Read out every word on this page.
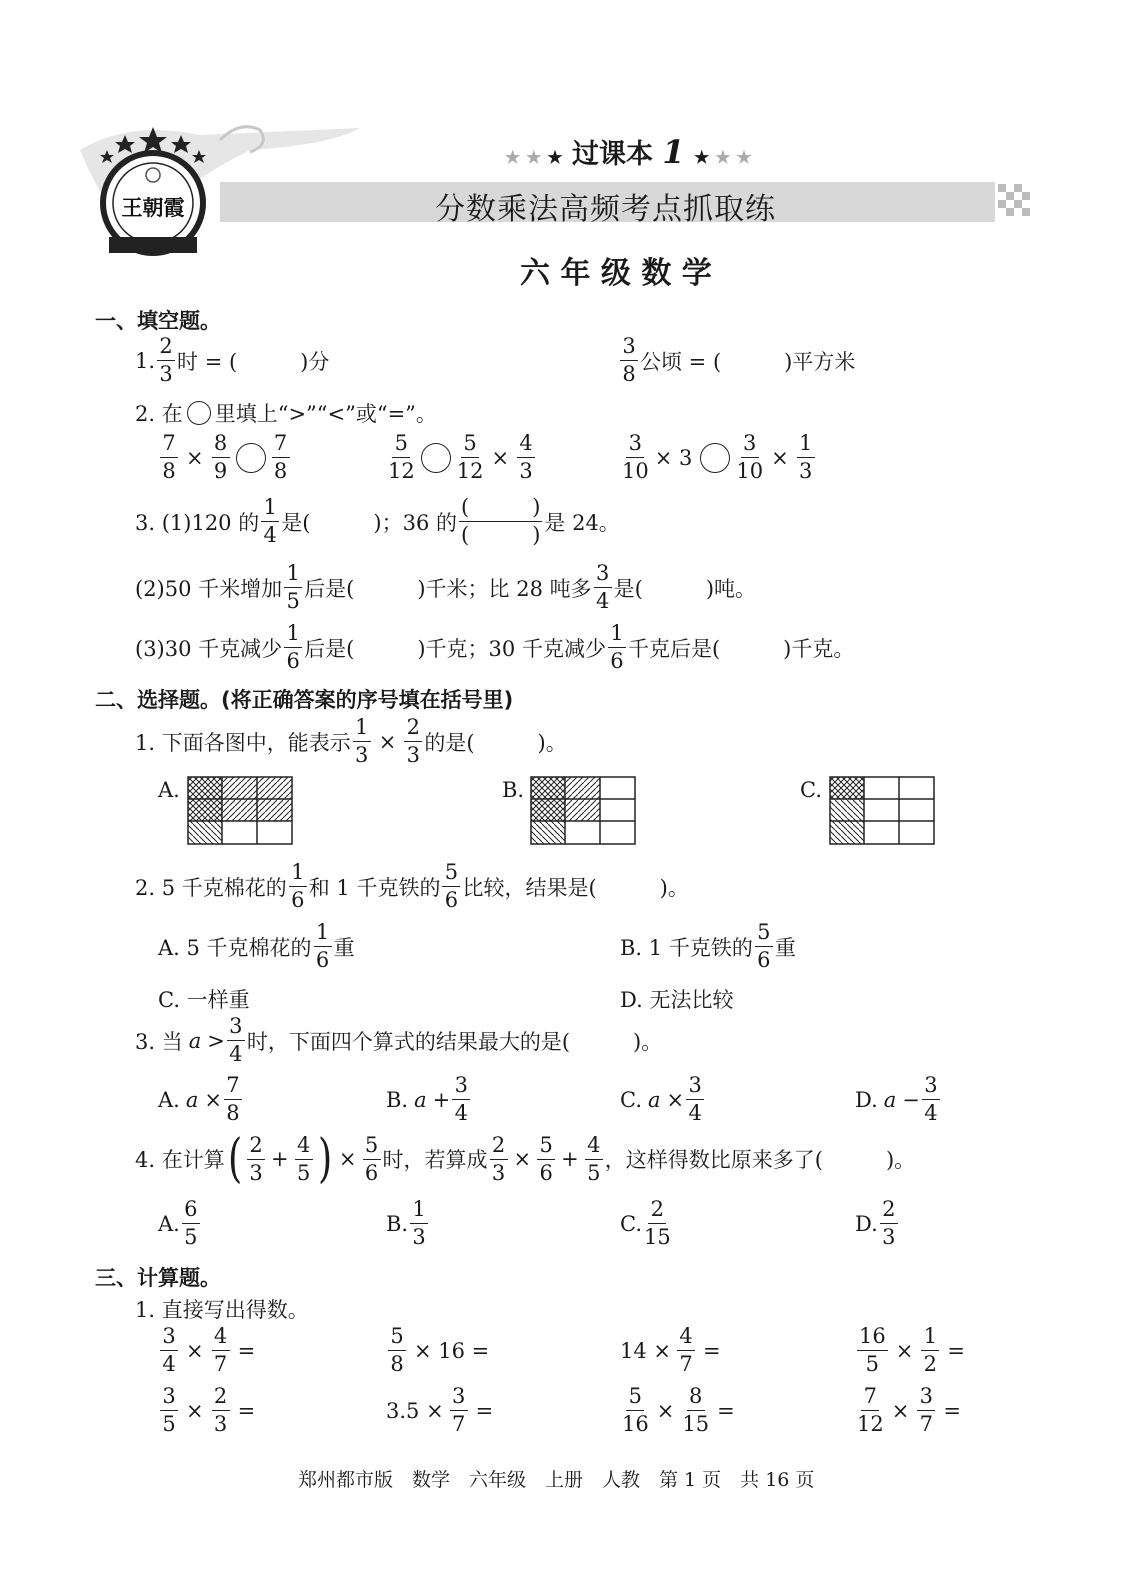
王朝霞
★ ★ ★ 过课本 1 ★ ★ ★
分数乘法高频考点抓取练
六 年 级 数 学
一、填空题。
1. $\frac{2}{3}$ 时 = (　　　)分	$\frac{3}{8}$ 公顷 = (　　　)平方米
2. 在 里填上“>”“<”或“=”。
$\frac{7}{8} \times \frac{8}{9} \frac{7}{8}$	$\frac{5}{12} \frac{5}{12} \times \frac{4}{3}$	$\frac{3}{10} \times 3 \frac{3}{10} \times \frac{1}{3}$
3. (1)120 的 $\frac{1}{4}$ 是(　　　)；36 的 $\frac{( )}{( )}$ 是 24。
(2)50 千米增加 $\frac{1}{5}$ 后是(　　　)千米；比 28 吨多 $\frac{3}{4}$ 是(　　　)吨。
(3)30 千克减少 $\frac{1}{6}$ 后是(　　　)千克；30 千克减少 $\frac{1}{6}$ 千克后是(　　　)千克。
二、选择题。(将正确答案的序号填在括号里)
1. 下面各图中，能表示 $\frac{1}{3} \times \frac{2}{3}$ 的是(　　　)。
A.	B.	C.
2. 5 千克棉花的 $\frac{1}{6}$ 和 1 千克铁的 $\frac{5}{6}$ 比较，结果是(　　　)。
A. 5 千克棉花的 $\frac{1}{6}$ 重	B. 1 千克铁的 $\frac{5}{6}$ 重
C. 一样重	D. 无法比较
3. 当 $a > \frac{3}{4}$ 时，下面四个算式的结果最大的是(　　　)。
A. $a \times \frac{7}{8}$	B. $a + \frac{3}{4}$	C. $a \times \frac{3}{4}$	D. $a - \frac{3}{4}$
4. 在计算 ( $\frac{2}{3} + \frac{4}{5}$ ) × $\frac{5}{6}$ 时，若算成 $\frac{2}{3} \times \frac{5}{6} + \frac{4}{5}$ ，这样得数比原来多了(　　　)。
A. $\frac{6}{5}$	B. $\frac{1}{3}$	C. $\frac{2}{15}$	D. $\frac{2}{3}$
三、计算题。
1. 直接写出得数。
$\frac{3}{4} \times \frac{4}{7}$ =	$\frac{5}{8} \times 16$ =	$14 \times \frac{4}{7}$ =	$\frac{16}{5} \times \frac{1}{2}$ =
$\frac{3}{5} \times \frac{2}{3}$ =	$3.5 \times \frac{3}{7}$ =	$\frac{5}{16} \times \frac{8}{15}$ =	$\frac{7}{12} \times \frac{3}{7}$ =
郑州都市版　数学　六年级　上册　人教　第 1 页　共 16 页
